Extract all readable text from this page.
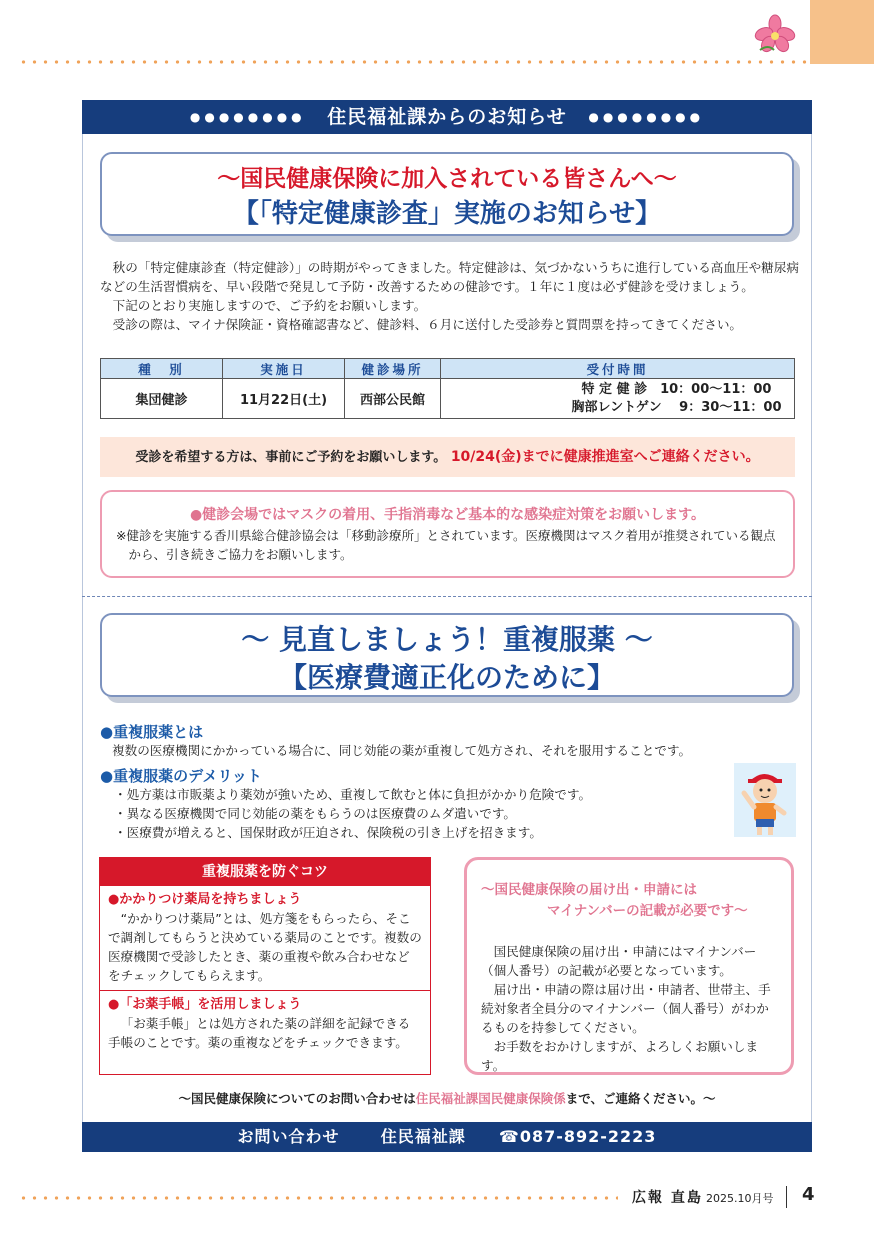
●●●●●●●● 住民福祉課からのお知らせ ●●●●●●●●
〜国民健康保険に加入されている皆さんへ〜
【「特定健康診査」実施のお知らせ】

秋の「特定健康診査（特定健診）」の時期がやってきました。特定健診は、気づかないうちに進行している高血圧や糖尿病などの生活習慣病を、早い段階で発見して予防・改善するための健診です。１年に１度は必ず健診を受けましょう。

下記のとおり実施しますので、ご予約をお願いします。

受診の際は、マイナ保険証・資格確認書など、健診料、６月に送付した受診券と質問票を持ってきてください。

種　別	実施日	健診場所	受付時間
集団健診	11月22日(土)	西部公民館	特 定 健 診　10：00〜11：00
胸部レントゲン　 9：30〜11：00
受診を希望する方は、事前にご予約をお願いします。 10/24(金)までに健康推進室へご連絡ください。
●健診会場ではマスクの着用、手指消毒など基本的な感染症対策をお願いします。
※健診を実施する香川県総合健診協会は「移動診療所」とされています。医療機関はマスク着用が推奨されている観点から、引き続きご協力をお願いします。
〜 見直しましょう！重複服薬 〜
【医療費適正化のために】
●重複服薬とは
複数の医療機関にかかっている場合に、同じ効能の薬が重複して処方され、それを服用することです。
●重複服薬のデメリット
・処方薬は市販薬より薬効が強いため、重複して飲むと体に負担がかかり危険です。
・異なる医療機関で同じ効能の薬をもらうのは医療費のムダ遣いです。
・医療費が増えると、国保財政が圧迫され、保険税の引き上げを招きます。
重複服薬を防ぐコツ
●かかりつけ薬局を持ちましょう
“かかりつけ薬局”とは、処方箋をもらったら、そこで調剤してもらうと決めている薬局のことです。複数の医療機関で受診したとき、薬の重複や飲み合わせなどをチェックしてもらえます。
●「お薬手帳」を活用しましょう
「お薬手帳」とは処方された薬の詳細を記録できる手帳のことです。薬の重複などをチェックできます。
〜国民健康保険の届け出・申請には
マイナンバーの記載が必要です〜
国民健康保険の届け出・申請にはマイナンバー（個人番号）の記載が必要となっています。
届け出・申請の際は届け出・申請者、世帯主、手続対象者全員分のマイナンバー（個人番号）がわかるものを持参してください。
お手数をおかけしますが、よろしくお願いします。
〜国民健康保険についてのお問い合わせは住民福祉課国民健康保険係まで、ご連絡ください。〜
お問い合わせ	住民福祉課 ☎087-892-2223
広報 直島 2025.10月号 4
